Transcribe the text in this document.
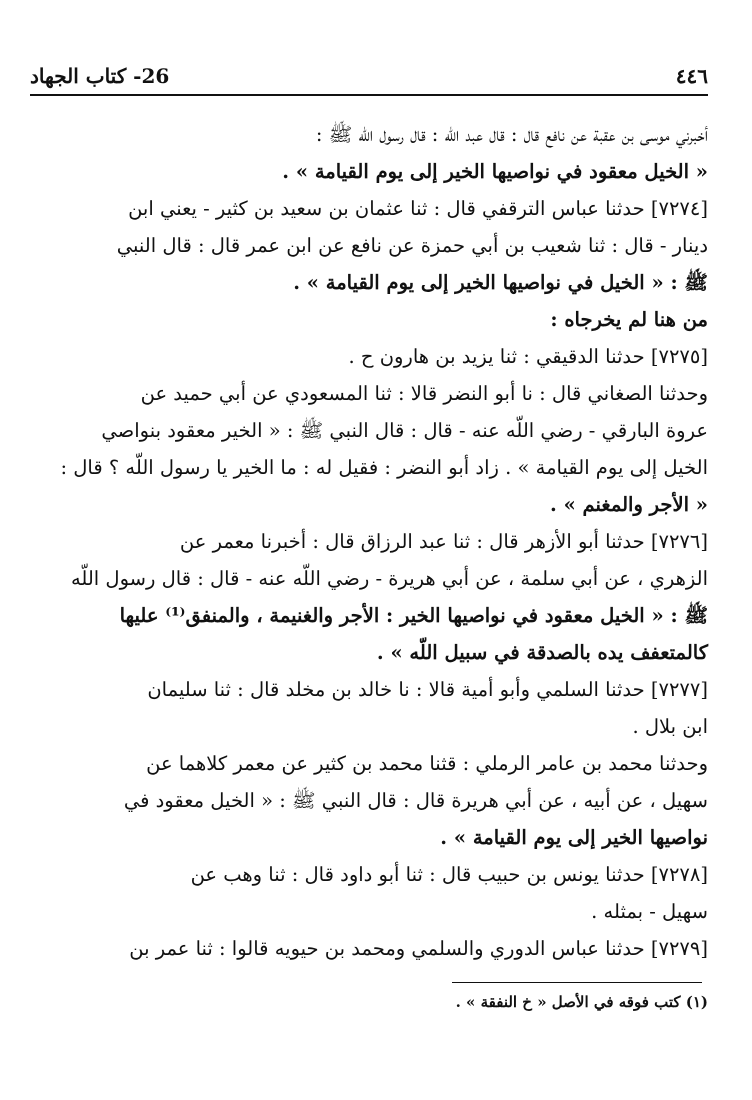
26- كتاب الجهاد	٤٤٦
أخبرني موسى بن عقبة عن نافع قال : قال عبد اللّه : قال رسول اللّه ﷺ :
« الخيل معقود في نواصيها الخير إلى يوم القيامة » .
[٧٢٧٤] حدثنا عباس الترقفي قال : ثنا عثمان بن سعيد بن كثير - يعني ابن
دينار - قال : ثنا شعيب بن أبي حمزة عن نافع عن ابن عمر قال : قال النبي
ﷺ : « الخيل في نواصيها الخير إلى يوم القيامة » .
من هنا لم يخرجاه :
[٧٢٧٥] حدثنا الدقيقي : ثنا يزيد بن هارون ح .
وحدثنا الصغاني قال : نا أبو النضر قالا : ثنا المسعودي عن أبي حميد عن
عروة البارقي - رضي اللّه عنه - قال : قال النبي ﷺ : « الخير معقود بنواصي
الخيل إلى يوم القيامة » . زاد أبو النضر : فقيل له : ما الخير يا رسول اللّه ؟ قال :
« الأجر والمغنم » .
[٧٢٧٦] حدثنا أبو الأزهر قال : ثنا عبد الرزاق قال : أخبرنا معمر عن
الزهري ، عن أبي سلمة ، عن أبي هريرة - رضي اللّه عنه - قال : قال رسول اللّه
ﷺ : « الخيل معقود في نواصيها الخير : الأجر والغنيمة ، والمنفق⁽¹⁾ عليها
كالمتعفف يده بالصدقة في سبيل اللّه » .
[٧٢٧٧] حدثنا السلمي وأبو أمية قالا : نا خالد بن مخلد قال : ثنا سليمان
ابن بلال .
وحدثنا محمد بن عامر الرملي : قثنا محمد بن كثير عن معمر كلاهما عن
سهيل ، عن أبيه ، عن أبي هريرة قال : قال النبي ﷺ : « الخيل معقود في
نواصيها الخير إلى يوم القيامة » .
[٧٢٧٨] حدثنا يونس بن حبيب قال : ثنا أبو داود قال : ثنا وهب عن
سهيل - بمثله .
[٧٢٧٩] حدثنا عباس الدوري والسلمي ومحمد بن حيويه قالوا : ثنا عمر بن
(١) كتب فوقه في الأصل « خ النفقة » .
